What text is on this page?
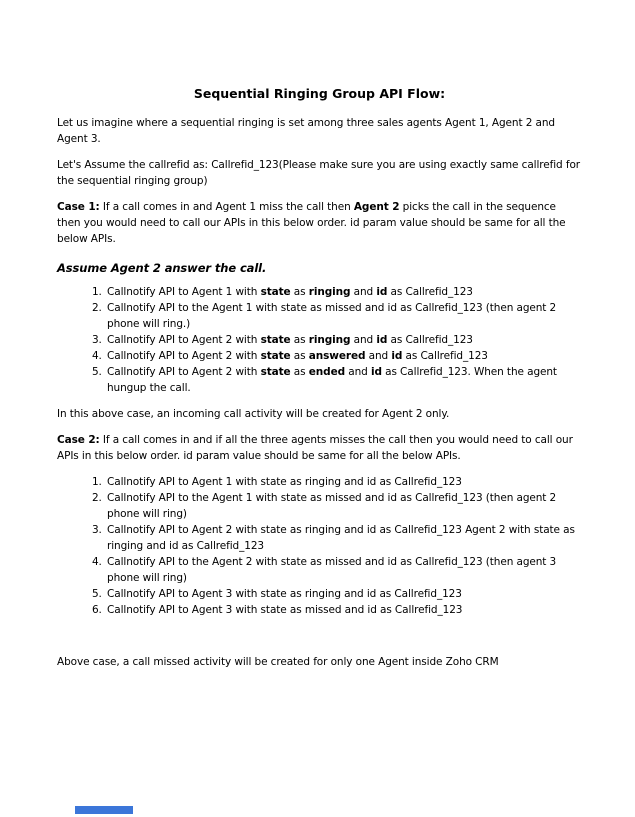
Sequential Ringing Group API Flow:

Let us imagine where a sequential ringing is set among three sales agents Agent 1, Agent 2 and Agent 3.

Let's Assume the callrefid as: Callrefid_123(Please make sure you are using exactly same callrefid for the sequential ringing group)

Case 1: If a call comes in and Agent 1 miss the call then Agent 2 picks the call in the sequence then you would need to call our APIs in this below order. id param value should be same for all the below APIs.

Assume Agent 2 answer the call.
1. Callnotify API to Agent 1 with state as ringing and id as Callrefid_123
2. Callnotify API to the Agent 1 with state as missed and id as Callrefid_123 (then agent 2 phone will ring.)
3. Callnotify API to Agent 2 with state as ringing and id as Callrefid_123
4. Callnotify API to Agent 2 with state as answered and id as Callrefid_123
5. Callnotify API to Agent 2 with state as ended and id as Callrefid_123. When the agent hungup the call.

In this above case, an incoming call activity will be created for Agent 2 only.

Case 2: If a call comes in and if all the three agents misses the call then you would need to call our APIs in this below order. id param value should be same for all the below APIs.

1. Callnotify API to Agent 1 with state as ringing and id as Callrefid_123
2. Callnotify API to the Agent 1 with state as missed and id as Callrefid_123 (then agent 2 phone will ring)
3. Callnotify API to Agent 2 with state as ringing and id as Callrefid_123 Agent 2 with state as ringing and id as Callrefid_123
4. Callnotify API to the Agent 2 with state as missed and id as Callrefid_123 (then agent 3 phone will ring)
5. Callnotify API to Agent 3 with state as ringing and id as Callrefid_123
6. Callnotify API to Agent 3 with state as missed and id as Callrefid_123

Above case, a call missed activity will be created for only one Agent inside Zoho CRM
